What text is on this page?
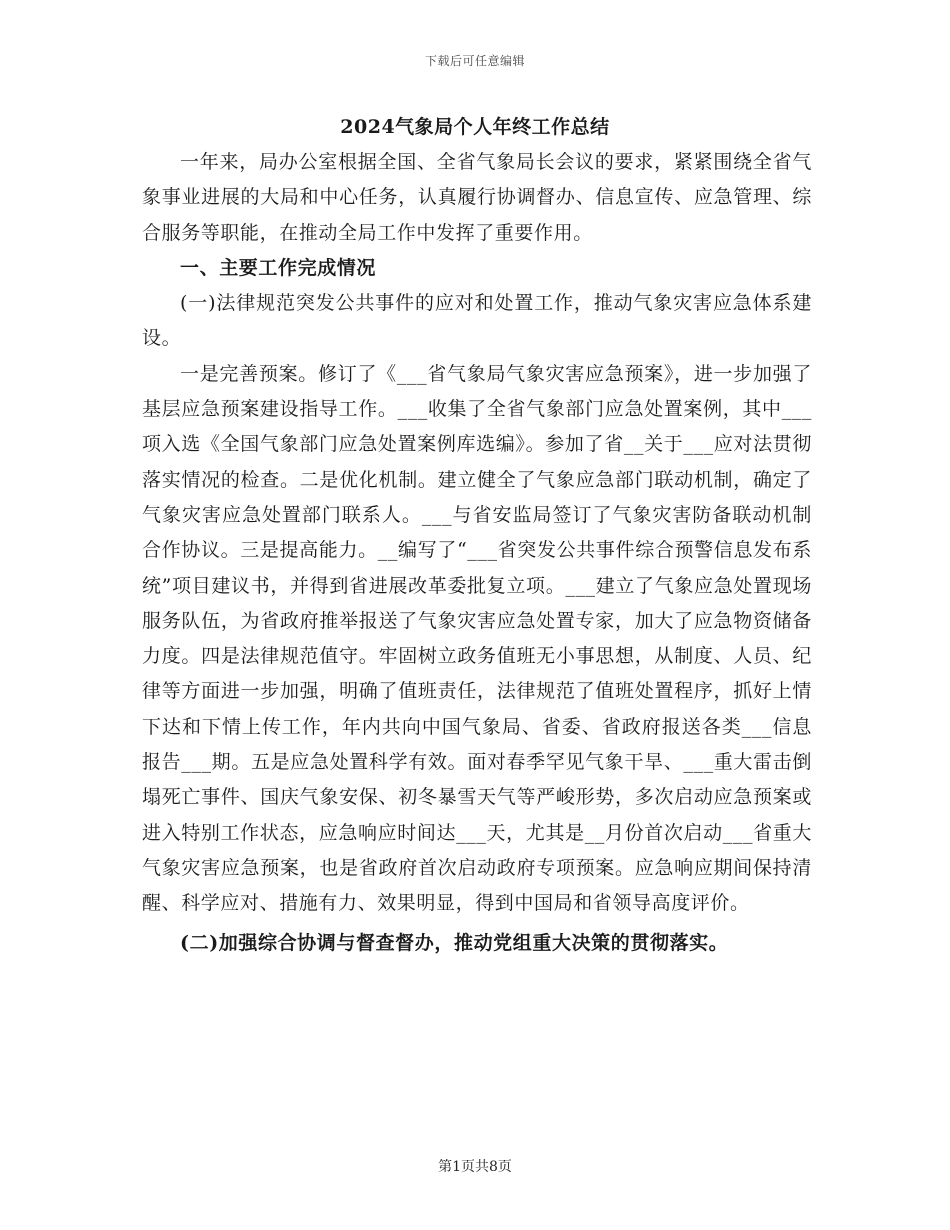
下载后可任意编辑
2024气象局个人年终工作总结

一年来，局办公室根据全国、全省气象局长会议的要求，紧紧围绕全省气象事业进展的大局和中心任务，认真履行协调督办、信息宣传、应急管理、综合服务等职能，在推动全局工作中发挥了重要作用。

一、主要工作完成情况

(一)法律规范突发公共事件的应对和处置工作，推动气象灾害应急体系建设。

一是完善预案。修订了《___省气象局气象灾害应急预案》，进一步加强了基层应急预案建设指导工作。___收集了全省气象部门应急处置案例，其中___项入选《全国气象部门应急处置案例库选编》。参加了省__关于___应对法贯彻落实情况的检查。二是优化机制。建立健全了气象应急部门联动机制，确定了气象灾害应急处置部门联系人。___与省安监局签订了气象灾害防备联动机制合作协议。三是提高能力。__编写了“___省突发公共事件综合预警信息发布系统”项目建议书，并得到省进展改革委批复立项。___建立了气象应急处置现场服务队伍，为省政府推举报送了气象灾害应急处置专家，加大了应急物资储备力度。四是法律规范值守。牢固树立政务值班无小事思想，从制度、人员、纪律等方面进一步加强，明确了值班责任，法律规范了值班处置程序，抓好上情下达和下情上传工作，年内共向中国气象局、省委、省政府报送各类___信息报告___期。五是应急处置科学有效。面对春季罕见气象干旱、___重大雷击倒塌死亡事件、国庆气象安保、初冬暴雪天气等严峻形势，多次启动应急预案或进入特别工作状态，应急响应时间达___天，尤其是__月份首次启动___省重大气象灾害应急预案，也是省政府首次启动政府专项预案。应急响应期间保持清醒、科学应对、措施有力、效果明显，得到中国局和省领导高度评价。

(二)加强综合协调与督查督办，推动党组重大决策的贯彻落实。

第1页共8页
